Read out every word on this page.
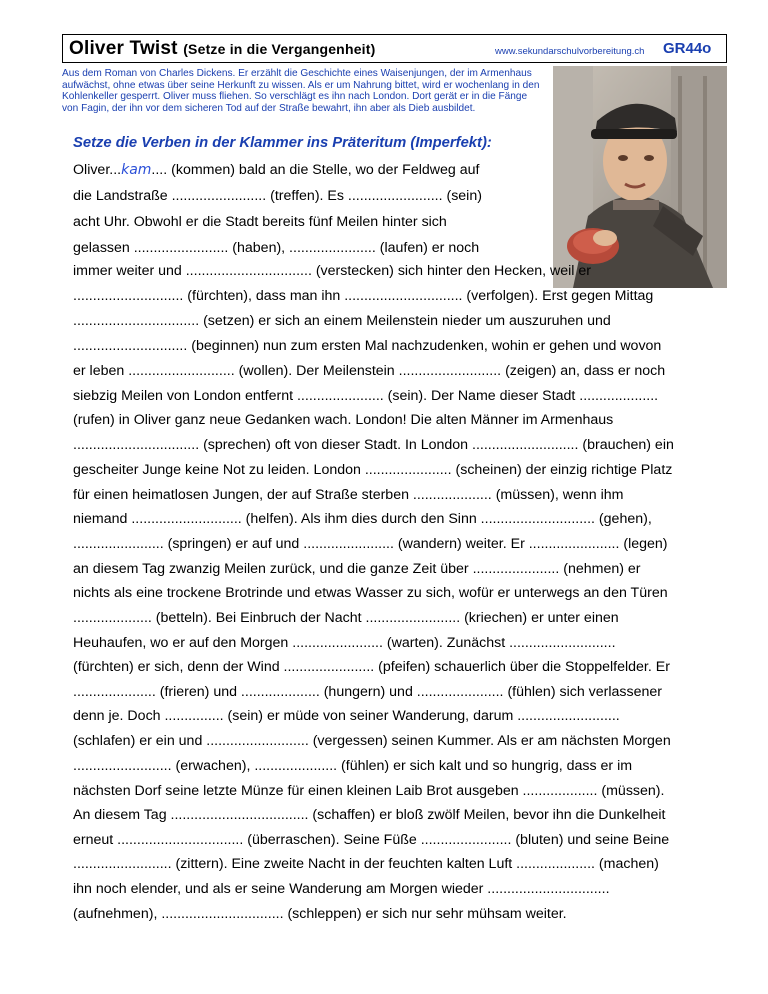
Oliver Twist (Setze in die Vergangenheit)	www.sekundarschulvorbereitung.ch GR44o
Aus dem Roman von Charles Dickens. Er erzählt die Geschichte eines Waisenjungen, der im Armenhaus aufwächst, ohne etwas über seine Herkunft zu wissen. Als er um Nahrung bittet, wird er wochenlang in den Kohlenkeller gesperrt. Oliver muss fliehen. So verschlägt es ihn nach London. Dort gerät er in die Fänge von Fagin, der ihn vor dem sicheren Tod auf der Straße bewahrt, ihn aber als Dieb ausbildet.
Setze die Verben in der Klammer ins Präteritum (Imperfekt):
Oliver...kam.... (kommen) bald an die Stelle, wo der Feldweg auf
die Landstraße ........................ (treffen). Es ........................ (sein)
acht Uhr. Obwohl er die Stadt bereits fünf Meilen hinter sich
gelassen ........................ (haben), ...................... (laufen) er noch
immer weiter und ................................ (verstecken) sich hinter den Hecken, weil er
............................ (fürchten), dass man ihn .............................. (verfolgen). Erst gegen Mittag
................................ (setzen) er sich an einem Meilenstein nieder um auszuruhen und
............................. (beginnen) nun zum ersten Mal nachzudenken, wohin er gehen und wovon
er leben ........................... (wollen). Der Meilenstein .......................... (zeigen) an, dass er noch
siebzig Meilen von London entfernt ...................... (sein). Der Name dieser Stadt ....................
(rufen) in Oliver ganz neue Gedanken wach. London! Die alten Männer im Armenhaus
................................ (sprechen) oft von dieser Stadt. In London ........................... (brauchen) ein
gescheiter Junge keine Not zu leiden. London ...................... (scheinen) der einzig richtige Platz
für einen heimatlosen Jungen, der auf Straße sterben .................... (müssen), wenn ihm
niemand ............................ (helfen). Als ihm dies durch den Sinn ............................. (gehen),
....................... (springen) er auf und ....................... (wandern) weiter. Er ....................... (legen)
an diesem Tag zwanzig Meilen zurück, und die ganze Zeit über ...................... (nehmen) er
nichts als eine trockene Brotrinde und etwas Wasser zu sich, wofür er unterwegs an den Türen
.................... (betteln). Bei Einbruch der Nacht ........................ (kriechen) er unter einen
Heuhaufen, wo er auf den Morgen ....................... (warten). Zunächst ...........................
(fürchten) er sich, denn der Wind ....................... (pfeifen) schauerlich über die Stoppelfelder. Er
..................... (frieren) und .................... (hungern) und ...................... (fühlen) sich verlassener
denn je. Doch ............... (sein) er müde von seiner Wanderung, darum ..........................
(schlafen) er ein und .......................... (vergessen) seinen Kummer. Als er am nächsten Morgen
......................... (erwachen), ..................... (fühlen) er sich kalt und so hungrig, dass er im
nächsten Dorf seine letzte Münze für einen kleinen Laib Brot ausgeben ................... (müssen).
An diesem Tag ................................... (schaffen) er bloß zwölf Meilen, bevor ihn die Dunkelheit
erneut ................................ (überraschen). Seine Füße ....................... (bluten) und seine Beine
......................... (zittern). Eine zweite Nacht in der feuchten kalten Luft .................... (machen)
ihn noch elender, und als er seine Wanderung am Morgen wieder ...............................
(aufnehmen), ............................... (schleppen) er sich nur sehr mühsam weiter.
